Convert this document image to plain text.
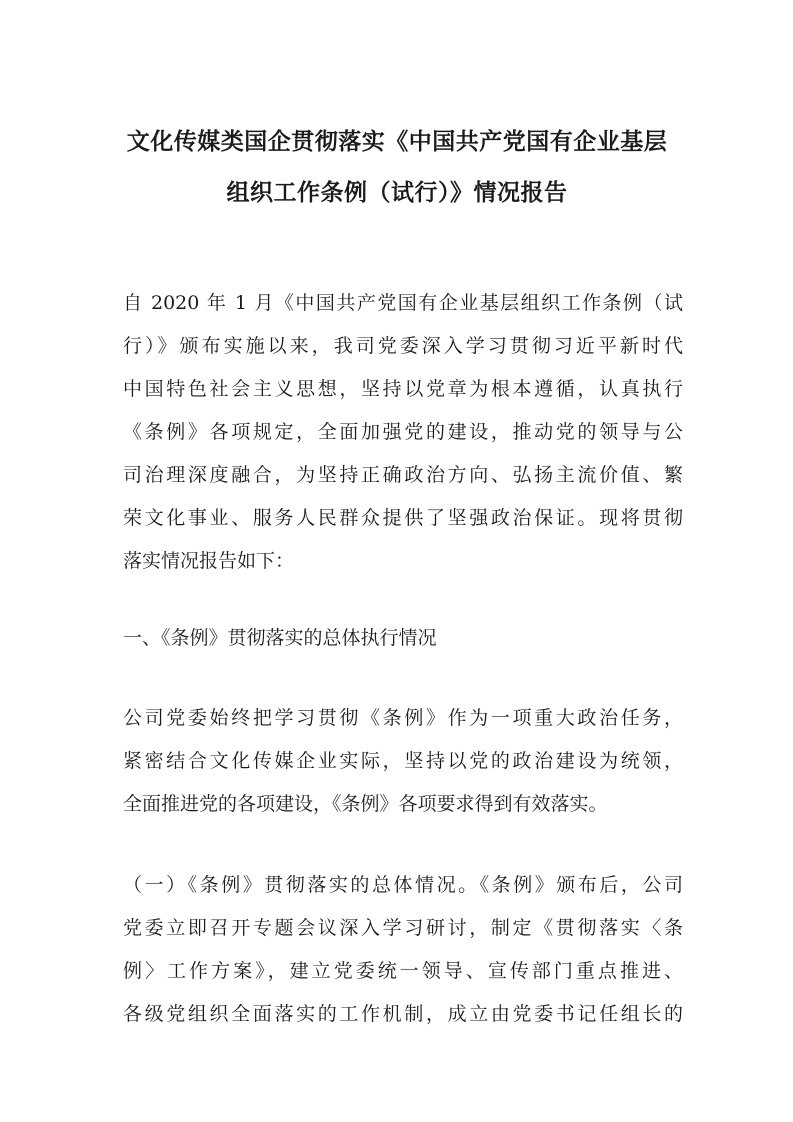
文化传媒类国企贯彻落实《中国共产党国有企业基层
组织工作条例（试行）》情况报告

自 2020 年 1 月《中国共产党国有企业基层组织工作条例（试

行）》颁布实施以来，我司党委深入学习贯彻习近平新时代

中国特色社会主义思想，坚持以党章为根本遵循，认真执行

《条例》各项规定，全面加强党的建设，推动党的领导与公

司治理深度融合，为坚持正确政治方向、弘扬主流价值、繁

荣文化事业、服务人民群众提供了坚强政治保证。现将贯彻

落实情况报告如下：

一、《条例》贯彻落实的总体执行情况

公司党委始终把学习贯彻《条例》作为一项重大政治任务，

紧密结合文化传媒企业实际，坚持以党的政治建设为统领，

全面推进党的各项建设，《条例》各项要求得到有效落实。

（一）《条例》贯彻落实的总体情况。《条例》颁布后，公司

党委立即召开专题会议深入学习研讨，制定《贯彻落实〈条

例〉工作方案》，建立党委统一领导、宣传部门重点推进、

各级党组织全面落实的工作机制，成立由党委书记任组长的
